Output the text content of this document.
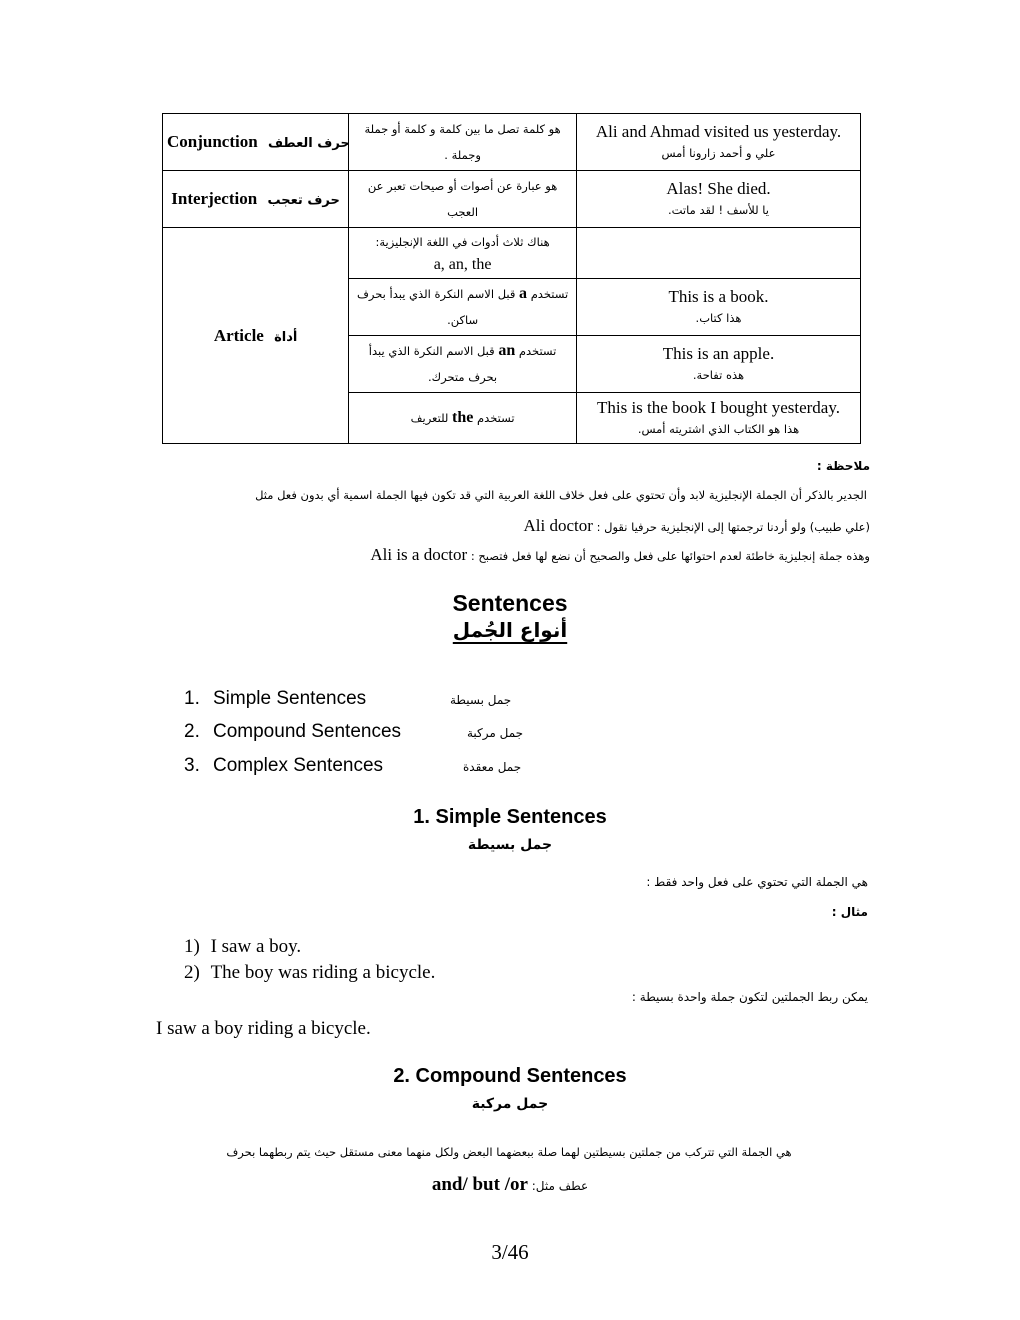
Conjunction حرف العطف	هو كلمة تصل ما بين كلمة و كلمة أو جملة وجملة .	Ali and Ahmad visited us yesterday.
علي و أحمد زارونا أمس

Interjection حرف تعجب	هو عبارة عن أصوات أو صيحات تعبر عن العجب	Alas! She died.
يا للأسف ! لقد ماتت.

Article أداة	هناك ثلاث أدوات في اللغة الإنجليزية:
a, an, the	

	تستخدم a قبل الاسم النكرة الذي يبدأ بحرف ساكن.	This is a book.
هذا كتاب.

	تستخدم an قبل الاسم النكرة الذي يبدأ بحرف متحرك.	This is an apple.
هذه تفاحة.

	تستخدم the للتعريف	This is the book I bought yesterday.
هذا هو الكتاب الذي اشتريته أمس.
ملاحظة :
الجدير بالذكر أن الجملة الإنجليزية لابد وأن تحتوي على فعل خلاف اللغة العربية التي قد تكون فيها الجملة اسمية أي بدون فعل مثل
(علي طبيب) ولو أردنا ترجمتها إلى الإنجليزية حرفيا نقول : Ali doctor
وهذه جملة إنجليزية خاطئة لعدم احتوائها على فعل والصحيح أن نضع لها فعل فتصبح : Ali is a doctor
Sentences
أنواع الجُمل
1. Simple Sentences	جمل بسيطة
2. Compound Sentences	جمل مركبة
3. Complex Sentences	جمل معقدة
1. Simple Sentences
جمل بسيطة
هي الجملة التي تحتوي على فعل واحد فقط :
مثال :
1) I saw a boy.
2) The boy was riding a bicycle.
يمكن ربط الجملتين لتكون جملة واحدة بسيطة :
I saw a boy riding a bicycle.
2. Compound Sentences
جمل مركبة
هي الجملة التي تتركب من جملتين بسيطتين لهما صلة ببعضهما البعض ولكل منهما معنى مستقل حيث يتم ربطهما بحرف
عطف مثل: and/ but /or
3/46
